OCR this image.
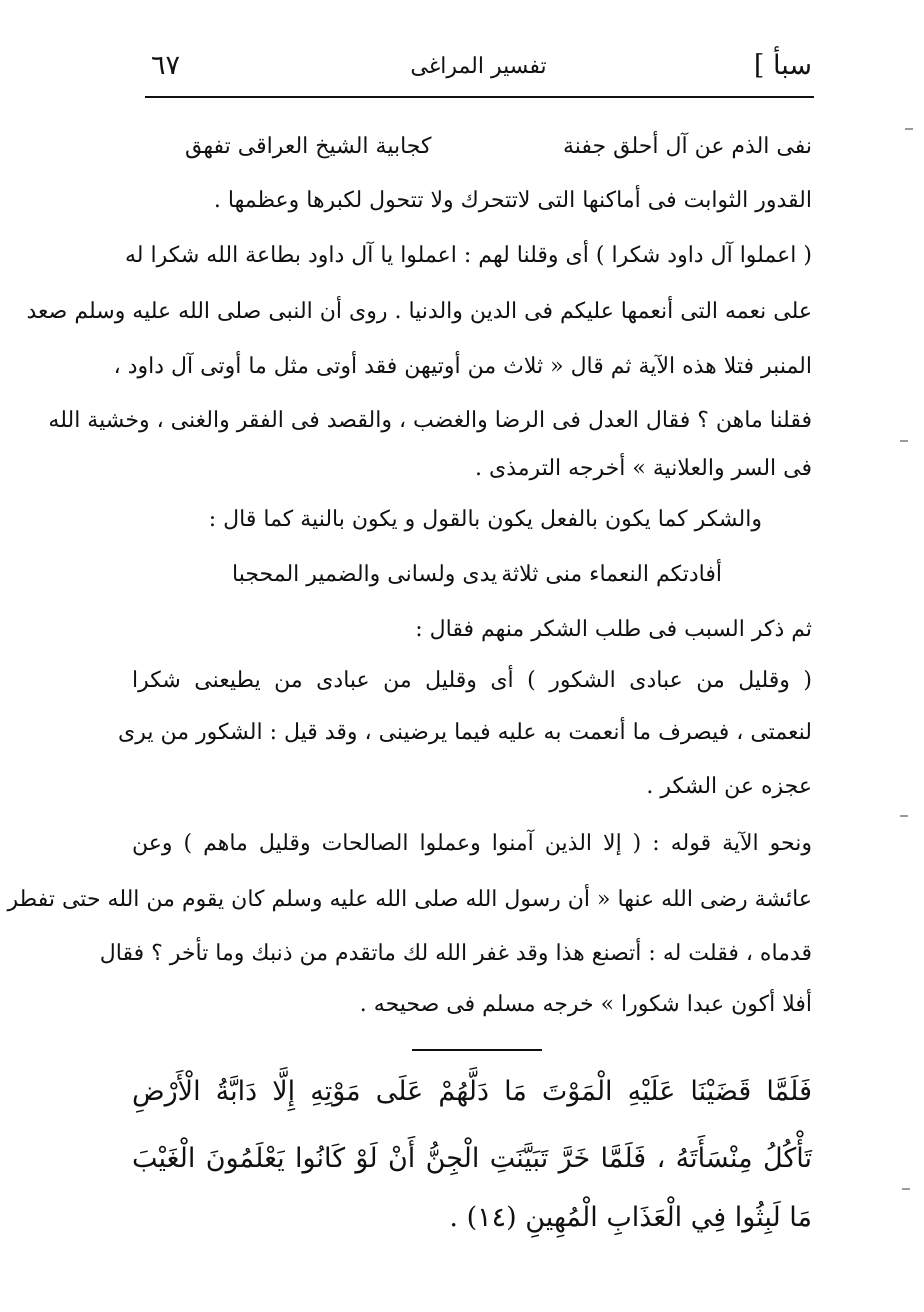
سبأ ]
تفسير المراغى
٦٧
نفى الذم عن آل أحلق جفنة
كجابية الشيخ العراقى تفهق
القدور الثوابت فى أماكنها التى لاتتحرك ولا تتحول لكبرها وعظمها .
( اعملوا آل داود شكرا ) أى وقلنا لهم : اعملوا يا آل داود بطاعة الله شكرا له
على نعمه التى أنعمها عليكم فى الدين والدنيا . روى أن النبى صلى الله عليه وسلم صعد
المنبر فتلا هذه الآية ثم قال « ثلاث من أوتيهن فقد أوتى مثل ما أوتى آل داود ،
فقلنا ماهن ؟ فقال العدل فى الرضا والغضب ، والقصد فى الفقر والغنى ، وخشية الله
فى السر والعلانية » أخرجه الترمذى .
والشكر كما يكون بالفعل يكون بالقول و يكون بالنية كما قال :
أفادتكم النعماء منى ثلاثة
يدى ولسانى والضمير المحجبا
ثم ذكر السبب فى طلب الشكر منهم فقال :
( وقليل من عبادى الشكور ) أى وقليل من عبادى من يطيعنى شكرا
لنعمتى ، فيصرف ما أنعمت به عليه فيما يرضينى ، وقد قيل : الشكور من يرى
عجزه عن الشكر .
ونحو الآية قوله : ( إلا الذين آمنوا وعملوا الصالحات وقليل ماهم ) وعن
عائشة رضى الله عنها « أن رسول الله صلى الله عليه وسلم كان يقوم من الله حتى تفطر
قدماه ، فقلت له : أتصنع هذا وقد غفر الله لك ماتقدم من ذنبك وما تأخر ؟ فقال
أفلا أكون عبدا شكورا » خرجه مسلم فى صحيحه .
فَلَمَّا قَضَيْنَا عَلَيْهِ الْمَوْتَ مَا دَلَّهُمْ عَلَى مَوْتِهِ إِلَّا دَابَّةُ الْأَرْضِ
تَأْكُلُ مِنْسَأَتَهُ ، فَلَمَّا خَرَّ تَبَيَّنَتِ الْجِنُّ أَنْ لَوْ كَانُوا يَعْلَمُونَ الْغَيْبَ
مَا لَبِثُوا فِي الْعَذَابِ الْمُهِينِ (١٤) .
